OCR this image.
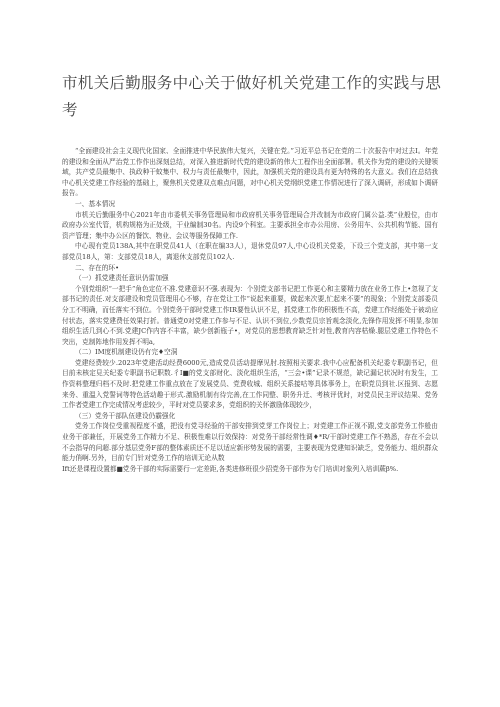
市机关后勤服务中心关于做好机关党建工作的实践与思考

“全面建设社会主义现代化国家、全面推进中华民族伟大复兴，关键在党。”习近平总书记在党的二十次报告中对过去I。年党的建设和全面从严治党工作作出深刻总结，对深入推进新时代党的建设新的伟大工程作出全面部署。机关作为党的建设的关键领域，共产党员最集中、执政种干蚊集中、权力与责任最集中，因此，加强机关党的建设具有更为特殊的名大意义。我们在总结我中心机关党建工作经验的基础上，聚焦机关党建双点难点问题，对中心机关党纲织党建工作情况进行了深入调研，形成如卜调研报告。

一、基本情况

市机关后勤服务中心2021年由市委机关事务管理局和市政府机关事务管理局合并改制为市政府门属公益.类”业般位，由市政府办公室代管，机构规格为正处级，干业编制30名。内设9个科室。主要承担全市办公用房、公务用车、公共机构节能、国有资产管理；集中办公区的餐饮、物业、会议等服务保障工作.

中心现有党员138A,其中在职党员41人（在职在编33人），退休党员97人,中心设机关党委，下设三个党支部，其中第一支部党员18人，第：支部党员18人，离退休支部党员102人.

二、存在的环•

（一）抓党建责任意识仍雷加强

个别党组织“一把手”角色定位不准.党建意识不强.表现为：个别党支部书记把工作更心和主要精力放在业务工作上•忽视了支部书记的责任.对支部建设和党员管理用心不够，存在党让工作“说起来重要，做起来次要,忙起来不要”的现象；个别党支部委员分工不明确，而任落实不到位。个别党务干部时党建工作IR要性认识不足，抓党建工作的积极性不高，党建工作经能处于被动应付状态，落实党建费任效果打折。普通党0对党建工作参与不足、认识不到位,少数党员宗旨观念淡化,先锋作用发挥不明显,参加组织生活几到心不到.党建JC作内容不丰富，缺少创新瓶子•，对党员的思想教育缺乏针对性,教育内容枯燥.腿层党建工作特色不突出，克制阵地作用发挥不明a,

（二）IM度机制建设仍有完♦空洞

党建经费较少.2023年党建活动经费6000元,造成党员活动提摩见肘.按照相关要求.我中心应配备机关纪委专职副书记，但目前未核定見关纪委专职副书记职数.彳I■的党支部财化、淡化组织生活，“三会•课”记录不规范，缺记漏记状况时有发生，工作资料整理归档不及时.把党建工作重点放在了发展党员、党费收城、组织关系接咕等具体事务上，在职党员到社.区报到、志愿来务、重温入党誓词等特色活动趣于形式.激励机制有待完善,在工作同整、职务升迁、考核评优时，对党员民主评议结果、党务工作者党建工作完成情况考虑较少，平时对党员要求多，党组织的关怀激励体现较少，

（三）党务干部队伍建设仍霸强化

党务工作岗位受重视程度不盛，把没有党寻经验的干部安排到党芽工作岗位上；对党建工作正视不跟,党支部党务工作般由业务干部兼任，开展党务工作精力不足、积极性难以行效保持：对党务干部经常性调♦*R/干部时党建工作不熟悉，存在不会以不会指导的问超.部分基层党务F部的整体素质还不足以适应新形势发展的需要，主要表现为党建知识缺乏，党务能力、组织群众能力俏啊.另外，目前专门针对党务工作的培训无论从数

Ift还是课程设置都■党务干部的实际需要行一定差距,各类进修班很少招党务干部作为专门培训对象列入培训蕨β%.
